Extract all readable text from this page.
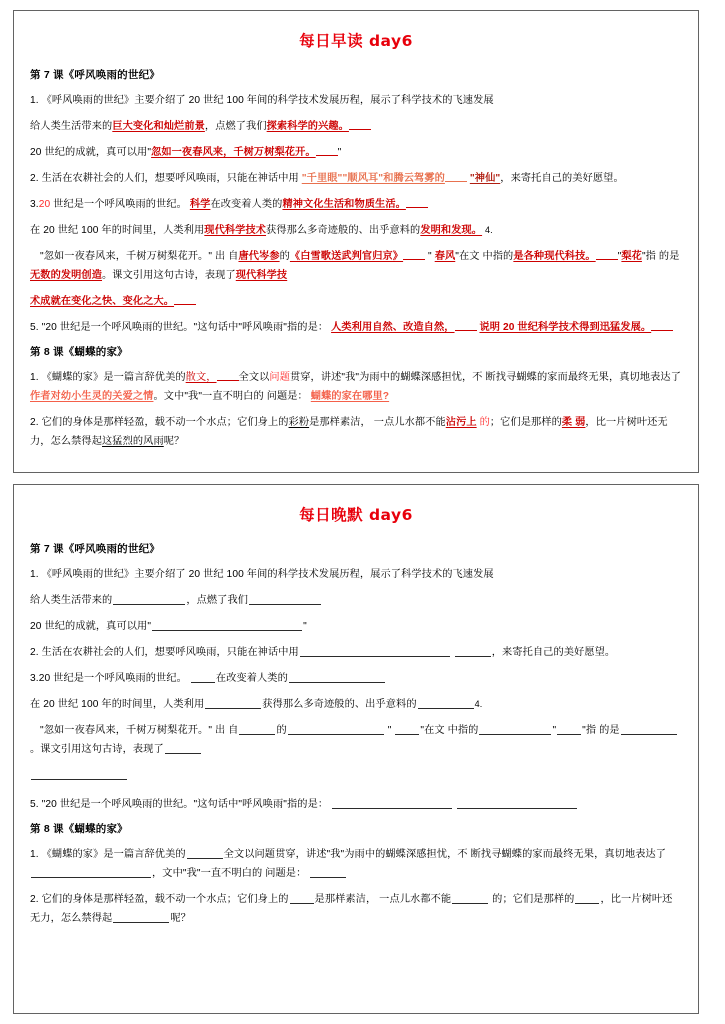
每日早读 day6
第 7 课《呼风唤雨的世纪》

1. 《呼风唤雨的世纪》主要介绍了 20 世纪 100 年间的科学技术发展历程，展示了科学技术的飞速发展

给人类生活带来的巨大变化和灿烂前景，点燃了我们探索科学的兴趣。

20 世纪的成就，真可以用"忽如一夜春风来，千树万树梨花开。 "

2. 生活在农耕社会的人们，想要呼风唤雨，只能在神话中用 "千里眼""顺风耳"和腾云驾雾的 "神仙"，来寄托自己的美好愿望。

3.20 世纪是一个呼风唤雨的世纪。 科学在改变着人类的精神文化生活和物质生活。

在 20 世纪 100 年的时间里，人类利用现代科学技术获得那么多奇迹般的、出乎意料的发明和发现。 4.

"忽如一夜春风来，千树万树梨花开。" 出 自唐代岑参的《白雪歌送武判官归京》 " 春风"在文 中指的是各种现代科技。 "梨花"指 的是无数的发明创造。课文引用这句古诗，表现了现代科学技

术成就在变化之快、变化之大。

5. "20 世纪是一个呼风唤雨的世纪。"这句话中"呼风唤雨"指的是： 人类利用自然、改造自然， 说明 20 世纪科学技术得到迅猛发展。

第 8 课《蝴蝶的家》

1. 《蝴蝶的家》是一篇言辞优美的散文， 全文以问题贯穿，讲述"我"为雨中的蝴蝶深感担忧，不 断找寻蝴蝶的家而最终无果，真切地表达了作者对幼小生灵的关爱之情。文中"我"一直不明白的 问题是： 蝴蝶的家在哪里?

2. 它们的身体是那样轻盈，载不动一个水点；它们身上的彩粉是那样素洁， 一点儿水都不能沾污上 的；它们是那样的柔 弱，比一片树叶还无力，怎么禁得起这猛烈的风雨呢？

每日晚默 day6
第 7 课《呼风唤雨的世纪》

1. 《呼风唤雨的世纪》主要介绍了 20 世纪 100 年间的科学技术发展历程，展示了科学技术的飞速发展

给人类生活带来的	，点燃了我们

20 世纪的成就，真可以用"	"

2. 生活在农耕社会的人们，想要呼风唤雨，只能在神话中用	，来寄托自己的美好愿望。

3.20 世纪是一个呼风唤雨的世纪。	在改变着人类的

在 20 世纪 100 年的时间里，人类利用	获得那么多奇迹般的、出乎意料的	4.

"忽如一夜春风来，千树万树梨花开。" 出 自	的	"	"在文 中指的	"	"指 的是。课文引用这句古诗，表现了

5. "20 世纪是一个呼风唤雨的世纪。"这句话中"呼风唤雨"指的是：

第 8 课《蝴蝶的家》

1. 《蝴蝶的家》是一篇言辞优美的	全文以问题贯穿，讲述"我"为雨中的蝴蝶深感担忧，不 断找寻蝴蝶的家而最终无果，真切地表达了，文中"我"一直不明白的 问题是：

2. 它们的身体是那样轻盈，载不动一个水点；它们身上的	是那样素洁， 一点儿水都不能	的；它们是那样的	，比一片树叶还无力，怎么禁得起	呢？
